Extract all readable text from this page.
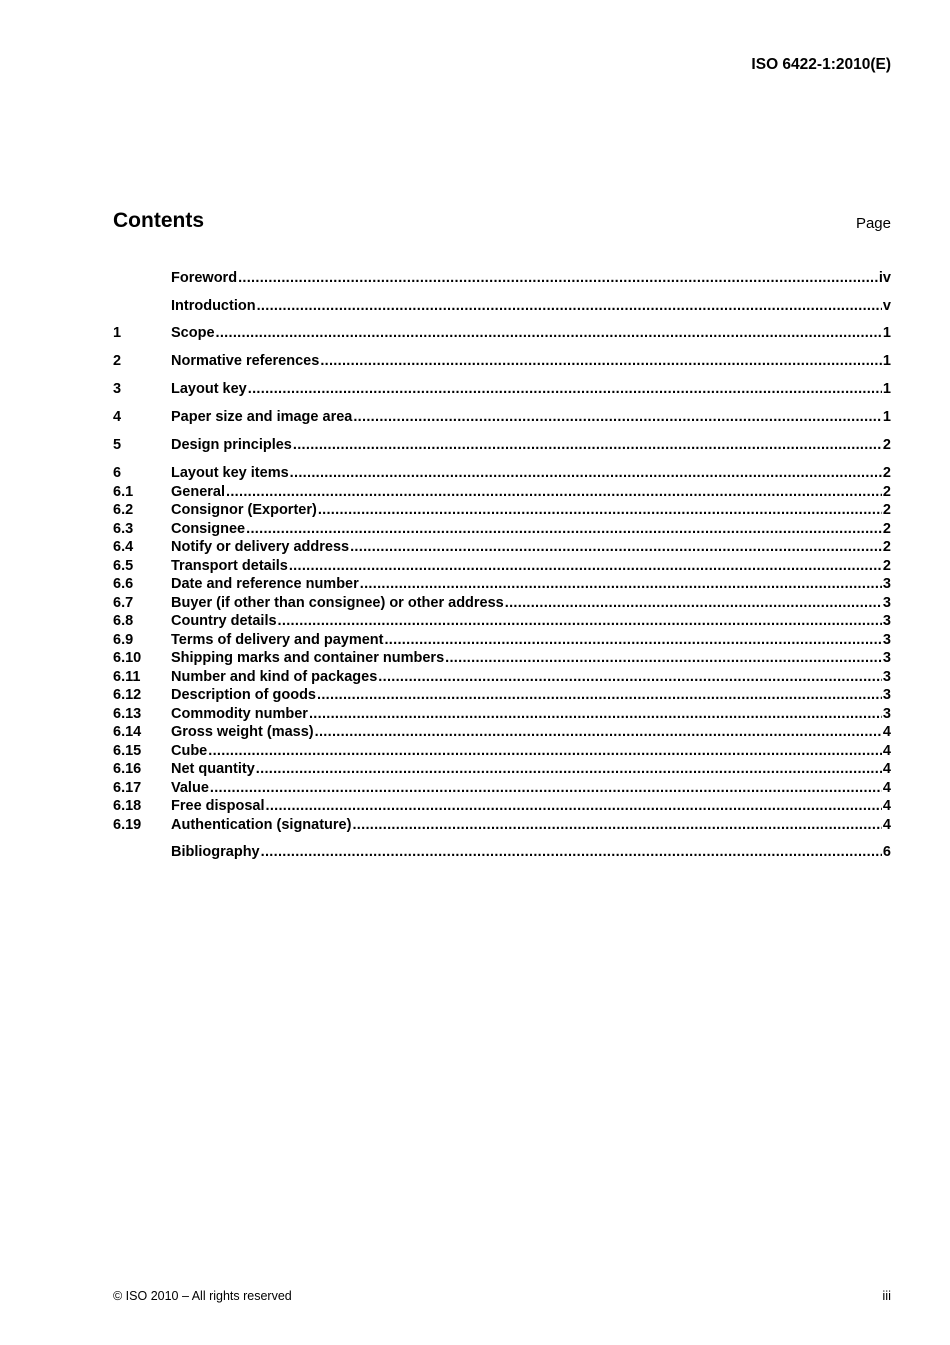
ISO 6422-1:2010(E)
Contents	Page
Foreword .....	iv
Introduction .....	v
1	Scope .....	1
2	Normative references .....	1
3	Layout key .....	1
4	Paper size and image area .....	1
5	Design principles .....	2
6	Layout key items .....	2
6.1	General .....	2
6.2	Consignor (Exporter) .....	2
6.3	Consignee .....	2
6.4	Notify or delivery address .....	2
6.5	Transport details .....	2
6.6	Date and reference number .....	3
6.7	Buyer (if other than consignee) or other address .....	3
6.8	Country details .....	3
6.9	Terms of delivery and payment .....	3
6.10	Shipping marks and container numbers .....	3
6.11	Number and kind of packages .....	3
6.12	Description of goods .....	3
6.13	Commodity number .....	3
6.14	Gross weight (mass) .....	4
6.15	Cube .....	4
6.16	Net quantity .....	4
6.17	Value .....	4
6.18	Free disposal .....	4
6.19	Authentication (signature) .....	4
Bibliography .....	6
© ISO 2010 – All rights reserved	iii
